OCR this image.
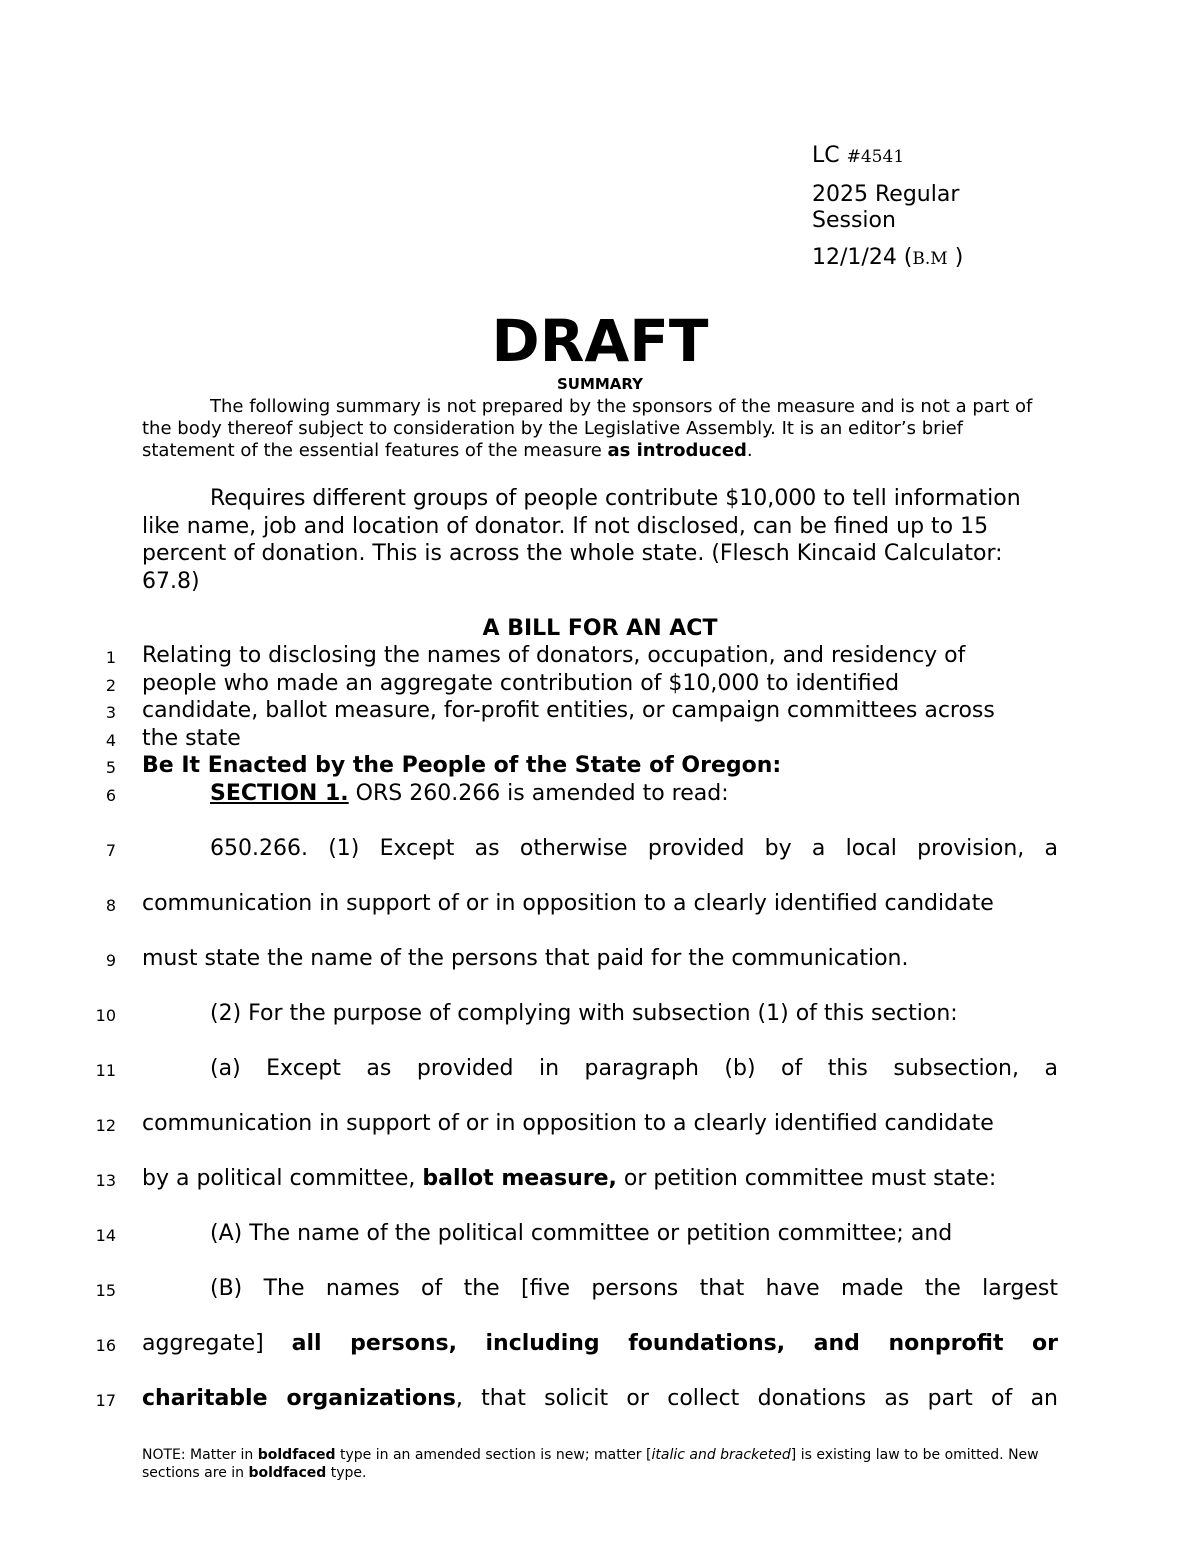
LC #4541
2025 Regular
Session
12/1/24 (B.M )
DRAFT
SUMMARY
The following summary is not prepared by the sponsors of the measure and is not a part of the body thereof subject to consideration by the Legislative Assembly. It is an editor’s brief statement of the essential features of the measure as introduced.
Requires different groups of people contribute $10,000 to tell information like name, job and location of donator. If not disclosed, can be fined up to 15 percent of donation. This is across the whole state. (Flesch Kincaid Calculator: 67.8)
A BILL FOR AN ACT
1
2
3
4
5
6
7
8
9
10
11
12
13
14
15
16
17
Relating to disclosing the names of donators, occupation, and residency of
people who made an aggregate contribution of $10,000 to identified
candidate, ballot measure, for-profit entities, or campaign committees across
the state
Be It Enacted by the People of the State of Oregon:
SECTION 1. ORS 260.266 is amended to read:
650.266. (1) Except as otherwise provided by a local provision, a
communication in support of or in opposition to a clearly identified candidate
must state the name of the persons that paid for the communication.
(2) For the purpose of complying with subsection (1) of this section:
(a) Except as provided in paragraph (b) of this subsection, a
communication in support of or in opposition to a clearly identified candidate
by a political committee, ballot measure, or petition committee must state:
(A) The name of the political committee or petition committee; and
(B) The names of the [five persons that have made the largest
aggregate] all persons, including foundations, and nonprofit or
charitable organizations, that solicit or collect donations as part of an
NOTE: Matter in boldfaced type in an amended section is new; matter [italic and bracketed] is existing law to be omitted. New sections are in boldfaced type.
